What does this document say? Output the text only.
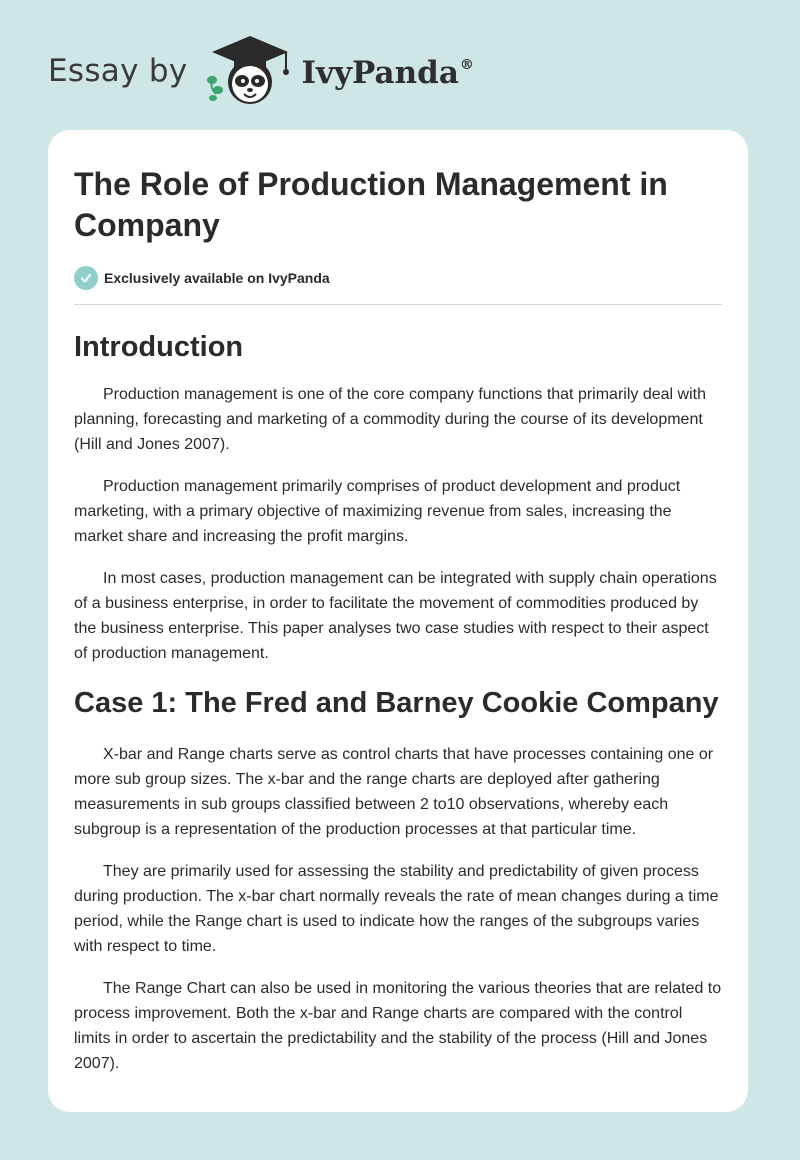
Essay by	IvyPanda®
The Role of Production Management in Company
Exclusively available on IvyPanda
Introduction

Production management is one of the core company functions that primarily deal with planning, forecasting and marketing of a commodity during the course of its development (Hill and Jones 2007).

Production management primarily comprises of product development and product marketing, with a primary objective of maximizing revenue from sales, increasing the market share and increasing the profit margins.

In most cases, production management can be integrated with supply chain operations of a business enterprise, in order to facilitate the movement of commodities produced by the business enterprise. This paper analyses two case studies with respect to their aspect of production management.

Case 1: The Fred and Barney Cookie Company

X-bar and Range charts serve as control charts that have processes containing one or more sub group sizes. The x-bar and the range charts are deployed after gathering measurements in sub groups classified between 2 to10 observations, whereby each subgroup is a representation of the production processes at that particular time.

They are primarily used for assessing the stability and predictability of given process during production. The x-bar chart normally reveals the rate of mean changes during a time period, while the Range chart is used to indicate how the ranges of the subgroups varies with respect to time.

The Range Chart can also be used in monitoring the various theories that are related to process improvement. Both the x-bar and Range charts are compared with the control limits in order to ascertain the predictability and the stability of the process (Hill and Jones 2007).
